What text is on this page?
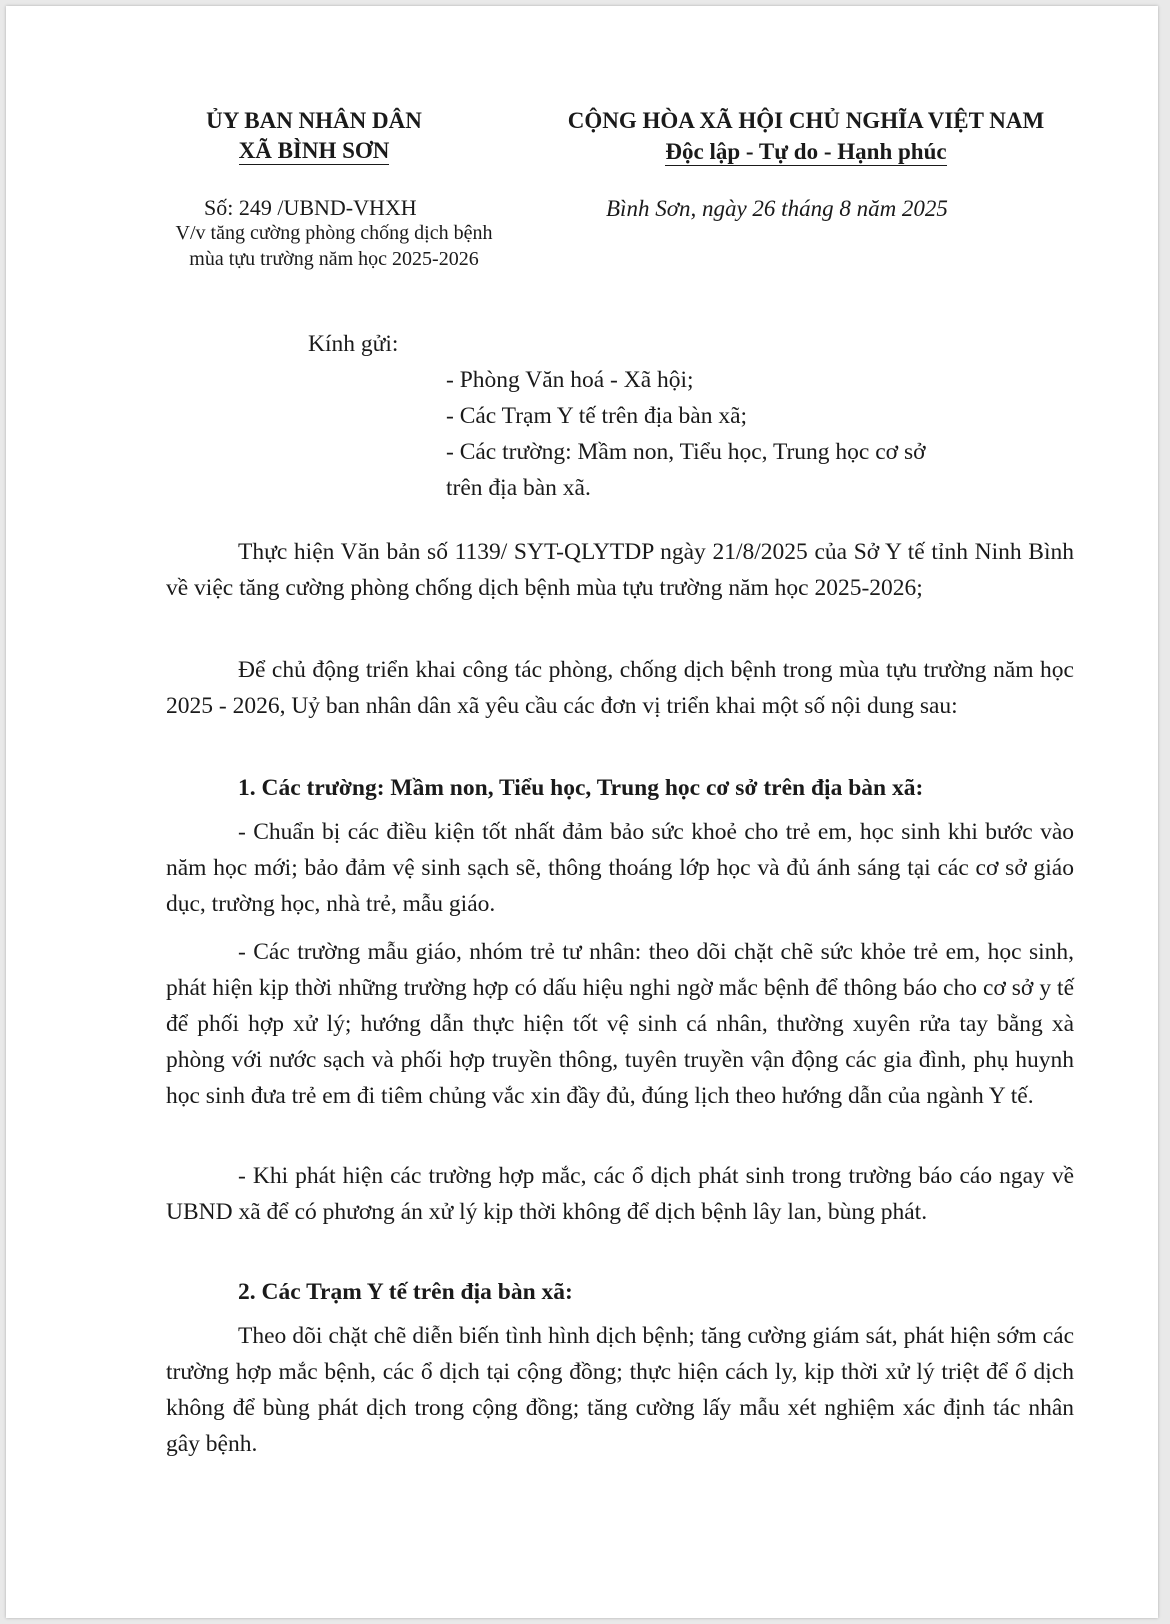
ỦY BAN NHÂN DÂN
XÃ BÌNH SƠN
CỘNG HÒA XÃ HỘI CHỦ NGHĨA VIỆT NAM
Độc lập - Tự do - Hạnh phúc
Số: 249 /UBND-VHXH
V/v tăng cường phòng chống dịch bệnh
mùa tựu trường năm học 2025-2026
Bình Sơn, ngày 26 tháng 8 năm 2025
Kính gửi:
- Phòng Văn hoá - Xã hội;
- Các Trạm Y tế trên địa bàn xã;
- Các trường: Mầm non, Tiểu học, Trung học cơ sở
trên địa bàn xã.

Thực hiện Văn bản số 1139/ SYT-QLYTDP ngày 21/8/2025 của Sở Y tế tỉnh Ninh Bình về việc tăng cường phòng chống dịch bệnh mùa tựu trường năm học 2025-2026;

Để chủ động triển khai công tác phòng, chống dịch bệnh trong mùa tựu trường năm học 2025 - 2026, Uỷ ban nhân dân xã yêu cầu các đơn vị triển khai một số nội dung sau:

1. Các trường: Mầm non, Tiểu học, Trung học cơ sở trên địa bàn xã:

- Chuẩn bị các điều kiện tốt nhất đảm bảo sức khoẻ cho trẻ em, học sinh khi bước vào năm học mới; bảo đảm vệ sinh sạch sẽ, thông thoáng lớp học và đủ ánh sáng tại các cơ sở giáo dục, trường học, nhà trẻ, mẫu giáo.

- Các trường mẫu giáo, nhóm trẻ tư nhân: theo dõi chặt chẽ sức khỏe trẻ em, học sinh, phát hiện kịp thời những trường hợp có dấu hiệu nghi ngờ mắc bệnh để thông báo cho cơ sở y tế để phối hợp xử lý; hướng dẫn thực hiện tốt vệ sinh cá nhân, thường xuyên rửa tay bằng xà phòng với nước sạch và phối hợp truyền thông, tuyên truyền vận động các gia đình, phụ huynh học sinh đưa trẻ em đi tiêm chủng vắc xin đầy đủ, đúng lịch theo hướng dẫn của ngành Y tế.

- Khi phát hiện các trường hợp mắc, các ổ dịch phát sinh trong trường báo cáo ngay về UBND xã để có phương án xử lý kịp thời không để dịch bệnh lây lan, bùng phát.

2. Các Trạm Y tế trên địa bàn xã:

Theo dõi chặt chẽ diễn biến tình hình dịch bệnh; tăng cường giám sát, phát hiện sớm các trường hợp mắc bệnh, các ổ dịch tại cộng đồng; thực hiện cách ly, kịp thời xử lý triệt để ổ dịch không để bùng phát dịch trong cộng đồng; tăng cường lấy mẫu xét nghiệm xác định tác nhân gây bệnh.
